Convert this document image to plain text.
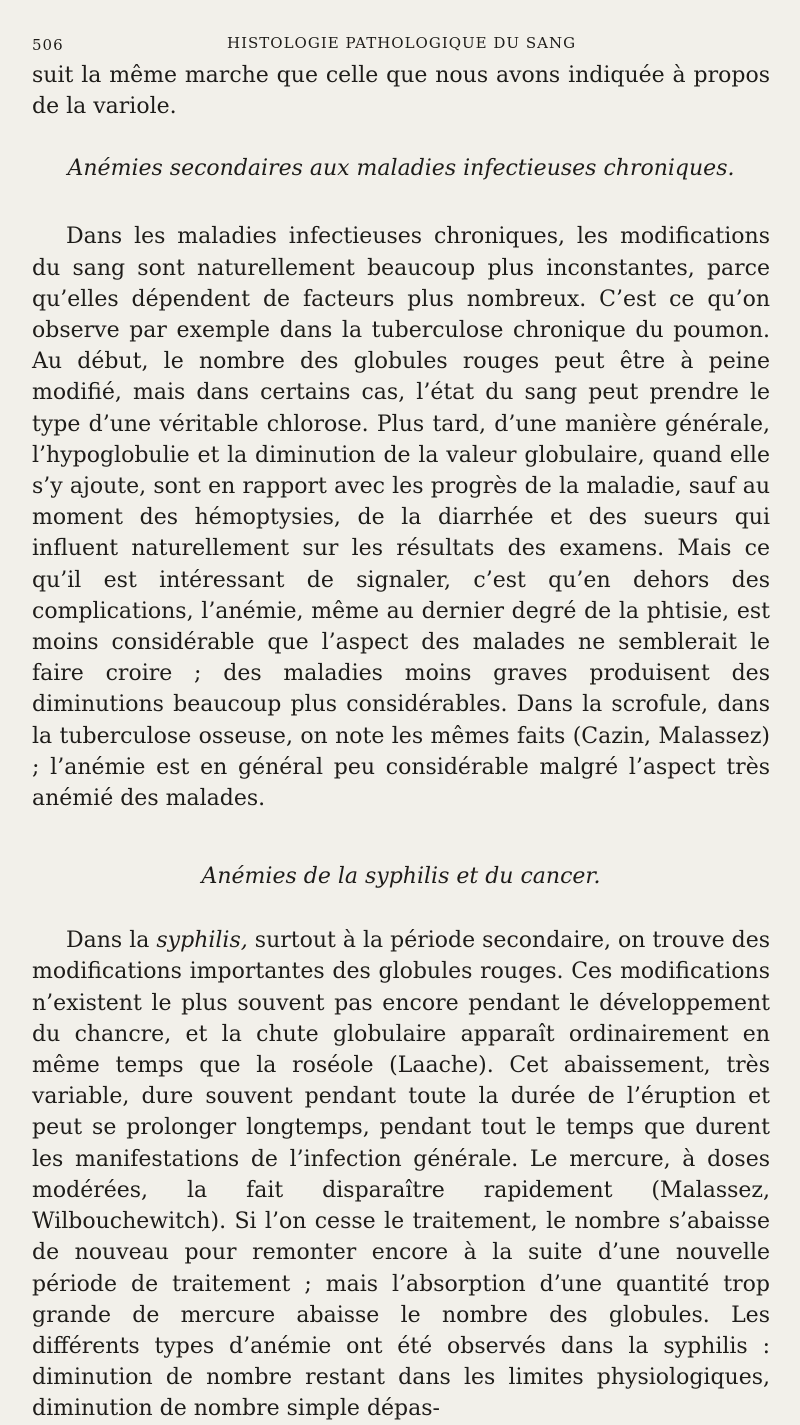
506	HISTOLOGIE PATHOLOGIQUE DU SANG

suit la même marche que celle que nous avons indiquée à propos de la variole.

Anémies secondaires aux maladies infectieuses chroniques.

Dans les maladies infectieuses chroniques, les modifications du sang sont naturellement beaucoup plus inconstantes, parce qu’elles dépendent de facteurs plus nombreux. C’est ce qu’on observe par exemple dans la tuberculose chronique du poumon. Au début, le nombre des globules rouges peut être à peine modifié, mais dans certains cas, l’état du sang peut prendre le type d’une véritable chlorose. Plus tard, d’une manière générale, l’hypoglobulie et la diminution de la valeur globulaire, quand elle s’y ajoute, sont en rapport avec les progrès de la maladie, sauf au moment des hémoptysies, de la diarrhée et des sueurs qui influent naturellement sur les résultats des examens. Mais ce qu’il est intéressant de signaler, c’est qu’en dehors des complications, l’anémie, même au dernier degré de la phtisie, est moins considérable que l’aspect des malades ne semblerait le faire croire ; des maladies moins graves produisent des diminutions beaucoup plus considérables. Dans la scrofule, dans la tuberculose osseuse, on note les mêmes faits (Cazin, Malassez) ; l’anémie est en général peu considérable malgré l’aspect très anémié des malades.

Anémies de la syphilis et du cancer.

Dans la syphilis, surtout à la période secondaire, on trouve des modifications importantes des globules rouges. Ces modifications n’existent le plus souvent pas encore pendant le développement du chancre, et la chute globulaire apparaît ordinairement en même temps que la roséole (Laache). Cet abaissement, très variable, dure souvent pendant toute la durée de l’éruption et peut se prolonger longtemps, pendant tout le temps que durent les manifestations de l’infection générale. Le mercure, à doses modérées, la fait disparaître rapidement (Malassez, Wilbouchewitch). Si l’on cesse le traitement, le nombre s’abaisse de nouveau pour remonter encore à la suite d’une nouvelle période de traitement ; mais l’absorption d’une quantité trop grande de mercure abaisse le nombre des globules. Les différents types d’anémie ont été observés dans la syphilis : diminution de nombre restant dans les limites physiologiques, diminution de nombre simple dépas-
